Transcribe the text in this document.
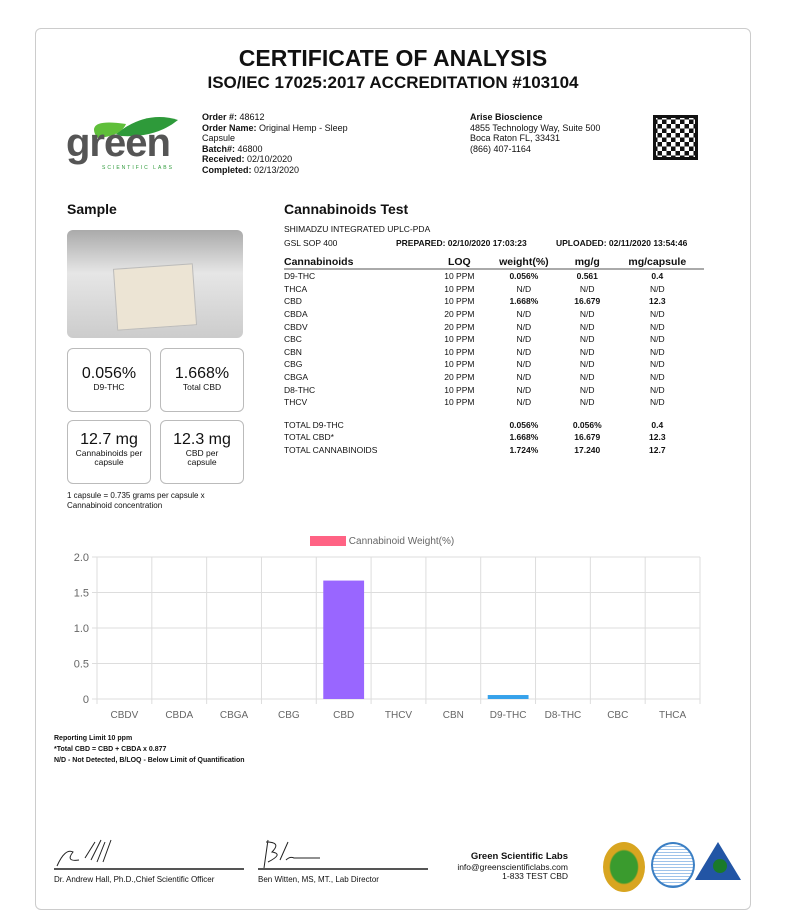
CERTIFICATE OF ANALYSIS
ISO/IEC 17025:2017 ACCREDITATION #103104
green
SCIENTIFIC LABS
Order #: 48612
Order Name: Original Hemp - Sleep Capsule
Batch#: 46800
Received: 02/10/2020
Completed: 02/13/2020
Arise Bioscience
4855 Technology Way, Suite 500
Boca Raton FL, 33431
(866) 407-1164
Sample
0.056%
D9-THC
1.668%
Total CBD
12.7 mg
Cannabinoids per capsule
12.3 mg
CBD per capsule
1 capsule = 0.735 grams per capsule x Cannabinoid concentration
Cannabinoids Test
SHIMADZU INTEGRATED UPLC-PDA
GSL SOP 400	PREPARED: 02/10/2020 17:03:23	UPLOADED: 02/11/2020 13:54:46
Cannabinoids	LOQ	weight(%)	mg/g	mg/capsule
D9-THC	10 PPM	0.056%	0.561	0.4
THCA	10 PPM	N/D	N/D	N/D
CBD	10 PPM	1.668%	16.679	12.3
CBDA	20 PPM	N/D	N/D	N/D
CBDV	20 PPM	N/D	N/D	N/D
CBC	10 PPM	N/D	N/D	N/D
CBN	10 PPM	N/D	N/D	N/D
CBG	10 PPM	N/D	N/D	N/D
CBGA	20 PPM	N/D	N/D	N/D
D8-THC	10 PPM	N/D	N/D	N/D
THCV	10 PPM	N/D	N/D	N/D

TOTAL D9-THC		0.056%	0.056%	0.4
TOTAL CBD*		1.668%	16.679	12.3
TOTAL CANNABINOIDS		1.724%	17.240	12.7
Cannabinoid Weight(%)
2.0
1.5
1.0
0.5
0
CBDV	CBDA	CBGA	CBG	CBD	THCV	CBN	D9-THC D8-THC	CBC	THCA
Reporting Limit 10 ppm
*Total CBD = CBD + CBDA x 0.877
N/D - Not Detected, B/LOQ - Below Limit of Quantification
Dr. Andrew Hall, Ph.D.,Chief Scientific Officer	Ben Witten, MS, MT., Lab Director
Green Scientific Labs
info@greenscientificlabs.com
1-833 TEST CBD
